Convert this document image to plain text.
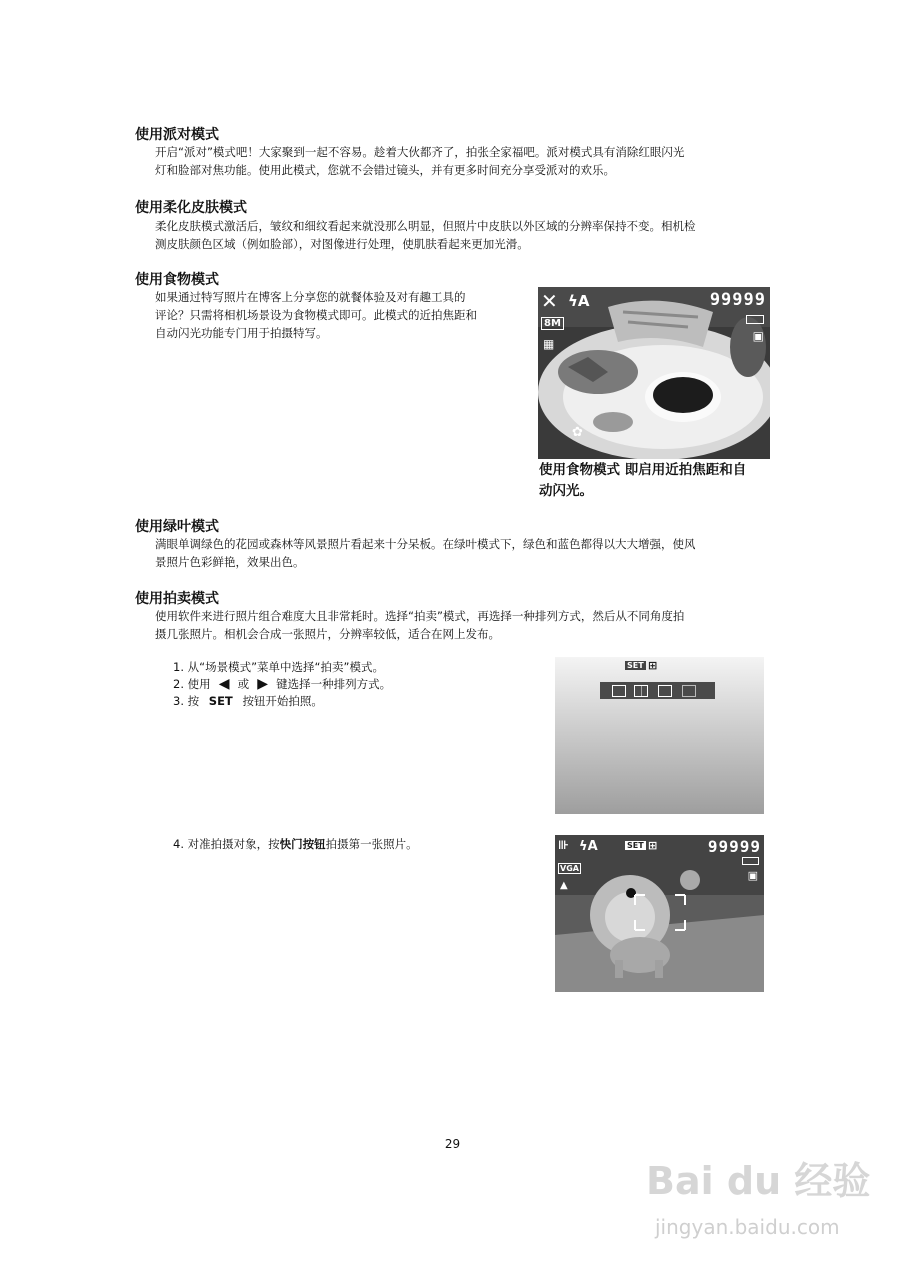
使用派对模式
开启“派对”模式吧！大家聚到一起不容易。趁着大伙都齐了，拍张全家福吧。派对模式具有消除红眼闪光
灯和脸部对焦功能。使用此模式，您就不会错过镜头，并有更多时间充分享受派对的欢乐。
使用柔化皮肤模式
柔化皮肤模式激活后，皱纹和细纹看起来就没那么明显，但照片中皮肤以外区域的分辨率保持不变。相机检
测皮肤颜色区域（例如脸部），对图像进行处理，使肌肤看起来更加光滑。
使用食物模式
如果通过特写照片在博客上分享您的就餐体验及对有趣工具的
评论？只需将相机场景设为食物模式即可。此模式的近拍焦距和
自动闪光功能专门用于拍摄特写。
✕ ϟA	99999
8M
▦
▣
✿
使用食物模式 即启用近拍焦距和自
动闪光。
使用绿叶模式
满眼单调绿色的花园或森林等风景照片看起来十分呆板。在绿叶模式下，绿色和蓝色都得以大大增强，使风
景照片色彩鲜艳，效果出色。
使用拍卖模式
使用软件来进行照片组合难度大且非常耗时。选择“拍卖”模式，再选择一种排列方式，然后从不同角度拍
摄几张照片。相机会合成一张照片，分辨率较低，适合在网上发布。
1. 从“场景模式”菜单中选择“拍卖”模式。
2. 使用  ◀  或  ▶  键选择一种排列方式。
3. 按 SET 按钮开始拍照。
SET ⊞
4. 对准拍摄对象，按快门按钮拍摄第一张照片。	⊪ ϟA	SET ⊞	99999
VGA
▲
▣
29
Bai du 经验
jingyan.baidu.com
